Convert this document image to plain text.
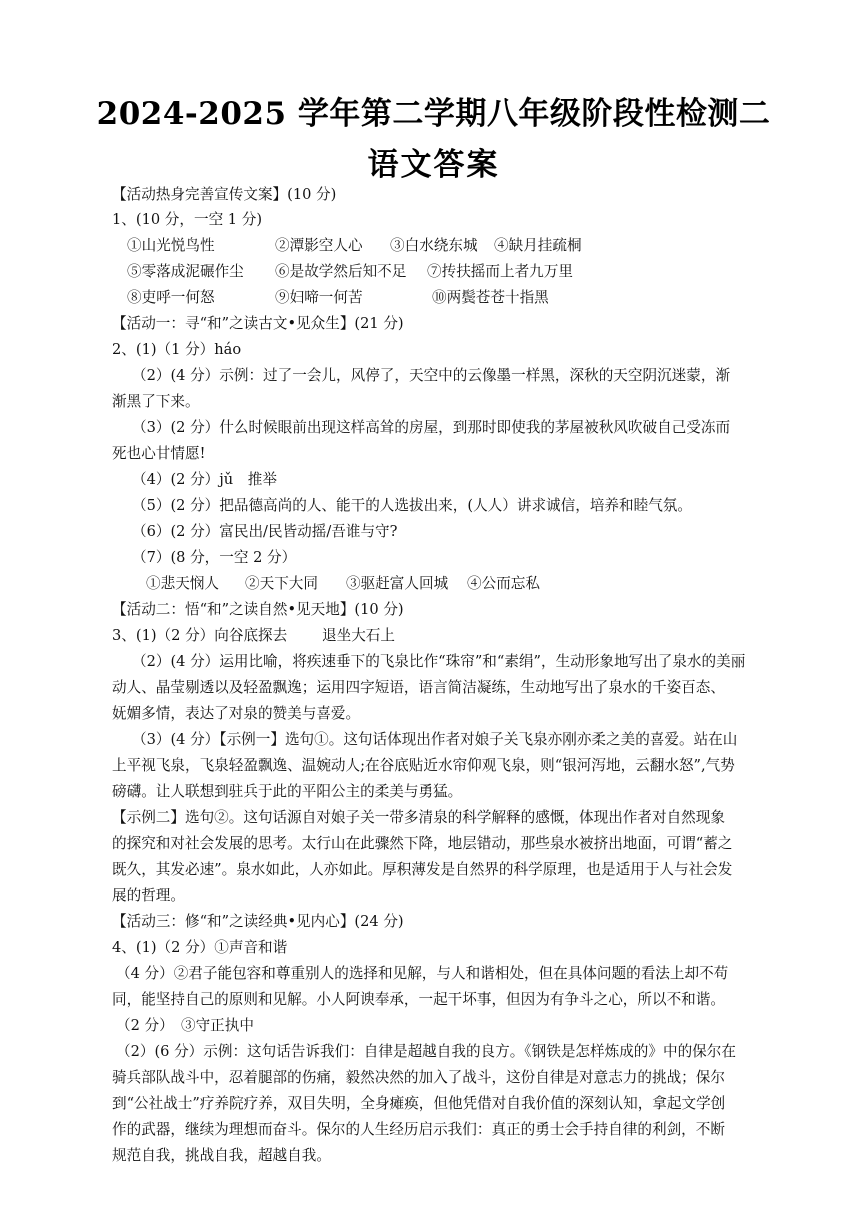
2024-2025 学年第二学期八年级阶段性检测二
语文答案
【活动热身完善宣传文案】(10 分)
1、(10 分，一空 1 分)
①山光悦鸟性	②潭影空人心 ③白水绕东城 ④缺月挂疏桐
⑤零落成泥碾作尘 ⑥是故学然后知不足 ⑦抟扶摇而上者九万里
⑧吏呼一何怒	⑨妇啼一何苦	⑩两鬓苍苍十指黑
【活动一：寻“和”之读古文•见众生】(21 分)
2、(1)（1 分）háo
（2）(4 分）示例：过了一会儿，风停了，天空中的云像墨一样黑，深秋的天空阴沉迷蒙，渐
渐黑了下来。
（3）(2 分）什么时候眼前出现这样高耸的房屋，到那时即使我的茅屋被秋风吹破自己受冻而
死也心甘情愿!
（4）(2 分）jǔ　推举
（5）(2 分）把品德高尚的人、能干的人选拔出来，(人人）讲求诚信，培养和睦气氛。
（6）(2 分）富民出/民皆动摇/吾谁与守?
（7）(8 分，一空 2 分）
①悲天悯人 ②天下大同 ③驱赶富人回城 ④公而忘私
【活动二：悟“和”之读自然•见天地】(10 分)
3、(1)（2 分）向谷底探去 退坐大石上
（2）(4 分）运用比喻，将疾速垂下的飞泉比作“珠帘”和“素绢”，生动形象地写出了泉水的美丽
动人、晶莹剔透以及轻盈飘逸；运用四字短语，语言简洁凝练，生动地写出了泉水的千姿百态、
妩媚多情，表达了对泉的赞美与喜爱。
（3）(4 分）【示例一】选句①。这句话体现出作者对娘子关飞泉亦刚亦柔之美的喜爱。站在山
上平视飞泉，飞泉轻盈飘逸、温婉动人;在谷底贴近水帘仰观飞泉，则“银河泻地，云翻水怒”,气势
磅礴。让人联想到驻兵于此的平阳公主的柔美与勇猛。
【示例二】选句②。这句话源自对娘子关一带多清泉的科学解释的感慨，体现出作者对自然现象
的探究和对社会发展的思考。太行山在此骤然下降，地层错动，那些泉水被挤出地面，可谓“蓄之
既久，其发必速”。泉水如此，人亦如此。厚积薄发是自然界的科学原理，也是适用于人与社会发
展的哲理。
【活动三：修“和”之读经典•见内心】(24 分)
4、(1)（2 分）①声音和谐
（4 分）②君子能包容和尊重别人的选择和见解，与人和谐相处，但在具体问题的看法上却不苟
同，能坚持自己的原则和见解。小人阿谀奉承，一起干坏事，但因为有争斗之心，所以不和谐。
（2 分）　③守正执中
（2）(6 分）示例：这句话告诉我们：自律是超越自我的良方。《钢铁是怎样炼成的》中的保尔在
骑兵部队战斗中，忍着腿部的伤痛，毅然决然的加入了战斗，这份自律是对意志力的挑战；保尔
到“公社战士”疗养院疗养，双目失明，全身瘫痪，但他凭借对自我价值的深刻认知，拿起文学创
作的武器，继续为理想而奋斗。保尔的人生经历启示我们：真正的勇士会手持自律的利剑，不断
规范自我，挑战自我，超越自我。
